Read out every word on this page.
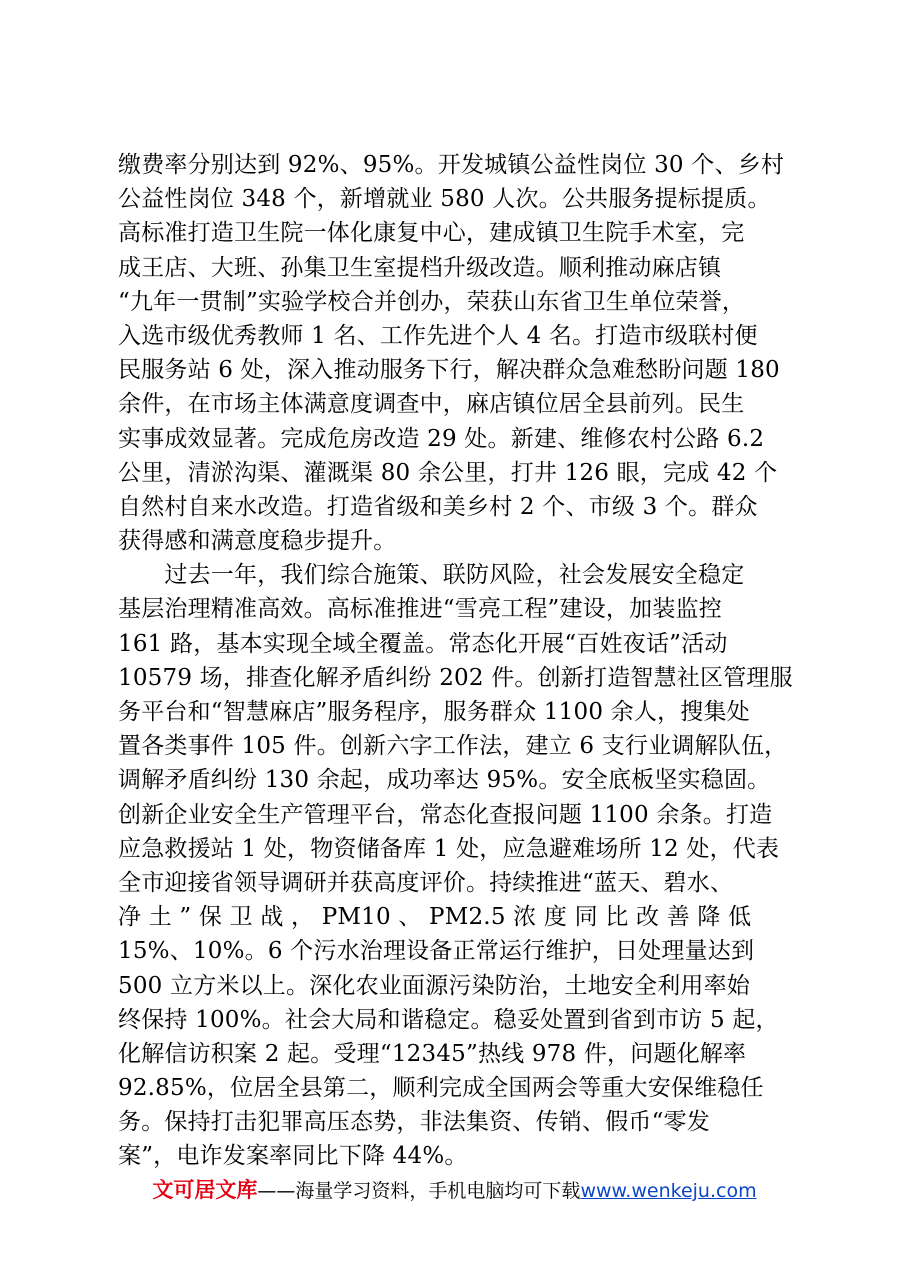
缴费率分别达到 92%、95%。开发城镇公益性岗位 30 个、乡村
公益性岗位 348 个，新增就业 580 人次。公共服务提标提质。
高标准打造卫生院一体化康复中心，建成镇卫生院手术室，完
成王店、大班、孙集卫生室提档升级改造。顺利推动麻店镇
“九年一贯制”实验学校合并创办，荣获山东省卫生单位荣誉，
入选市级优秀教师 1 名、工作先进个人 4 名。打造市级联村便
民服务站 6 处，深入推动服务下行，解决群众急难愁盼问题 180
余件，在市场主体满意度调查中，麻店镇位居全县前列。民生
实事成效显著。完成危房改造 29 处。新建、维修农村公路 6.2
公里，清淤沟渠、灌溉渠 80 余公里，打井 126 眼，完成 42 个
自然村自来水改造。打造省级和美乡村 2 个、市级 3 个。群众
获得感和满意度稳步提升。
　　过去一年，我们综合施策、联防风险，社会发展安全稳定
基层治理精准高效。高标准推进“雪亮工程”建设，加装监控
161 路，基本实现全域全覆盖。常态化开展“百姓夜话”活动
10579 场，排查化解矛盾纠纷 202 件。创新打造智慧社区管理服
务平台和“智慧麻店”服务程序，服务群众 1100 余人，搜集处
置各类事件 105 件。创新六字工作法，建立 6 支行业调解队伍，
调解矛盾纠纷 130 余起，成功率达 95%。安全底板坚实稳固。
创新企业安全生产管理平台，常态化查报问题 1100 余条。打造
应急救援站 1 处，物资储备库 1 处，应急避难场所 12 处，代表
全市迎接省领导调研并获高度评价。持续推进“蓝天、碧水、
净 土 ” 保 卫 战 ， PM10 、 PM2.5 浓 度 同 比 改 善 降 低
15%、10%。6 个污水治理设备正常运行维护，日处理量达到
500 立方米以上。深化农业面源污染防治，土地安全利用率始
终保持 100%。社会大局和谐稳定。稳妥处置到省到市访 5 起，
化解信访积案 2 起。受理“12345”热线 978 件，问题化解率
92.85%，位居全县第二，顺利完成全国两会等重大安保维稳任
务。保持打击犯罪高压态势，非法集资、传销、假币“零发
案”，电诈发案率同比下降 44%。
文可居文库——海量学习资料，手机电脑均可下载www.wenkeju.com
